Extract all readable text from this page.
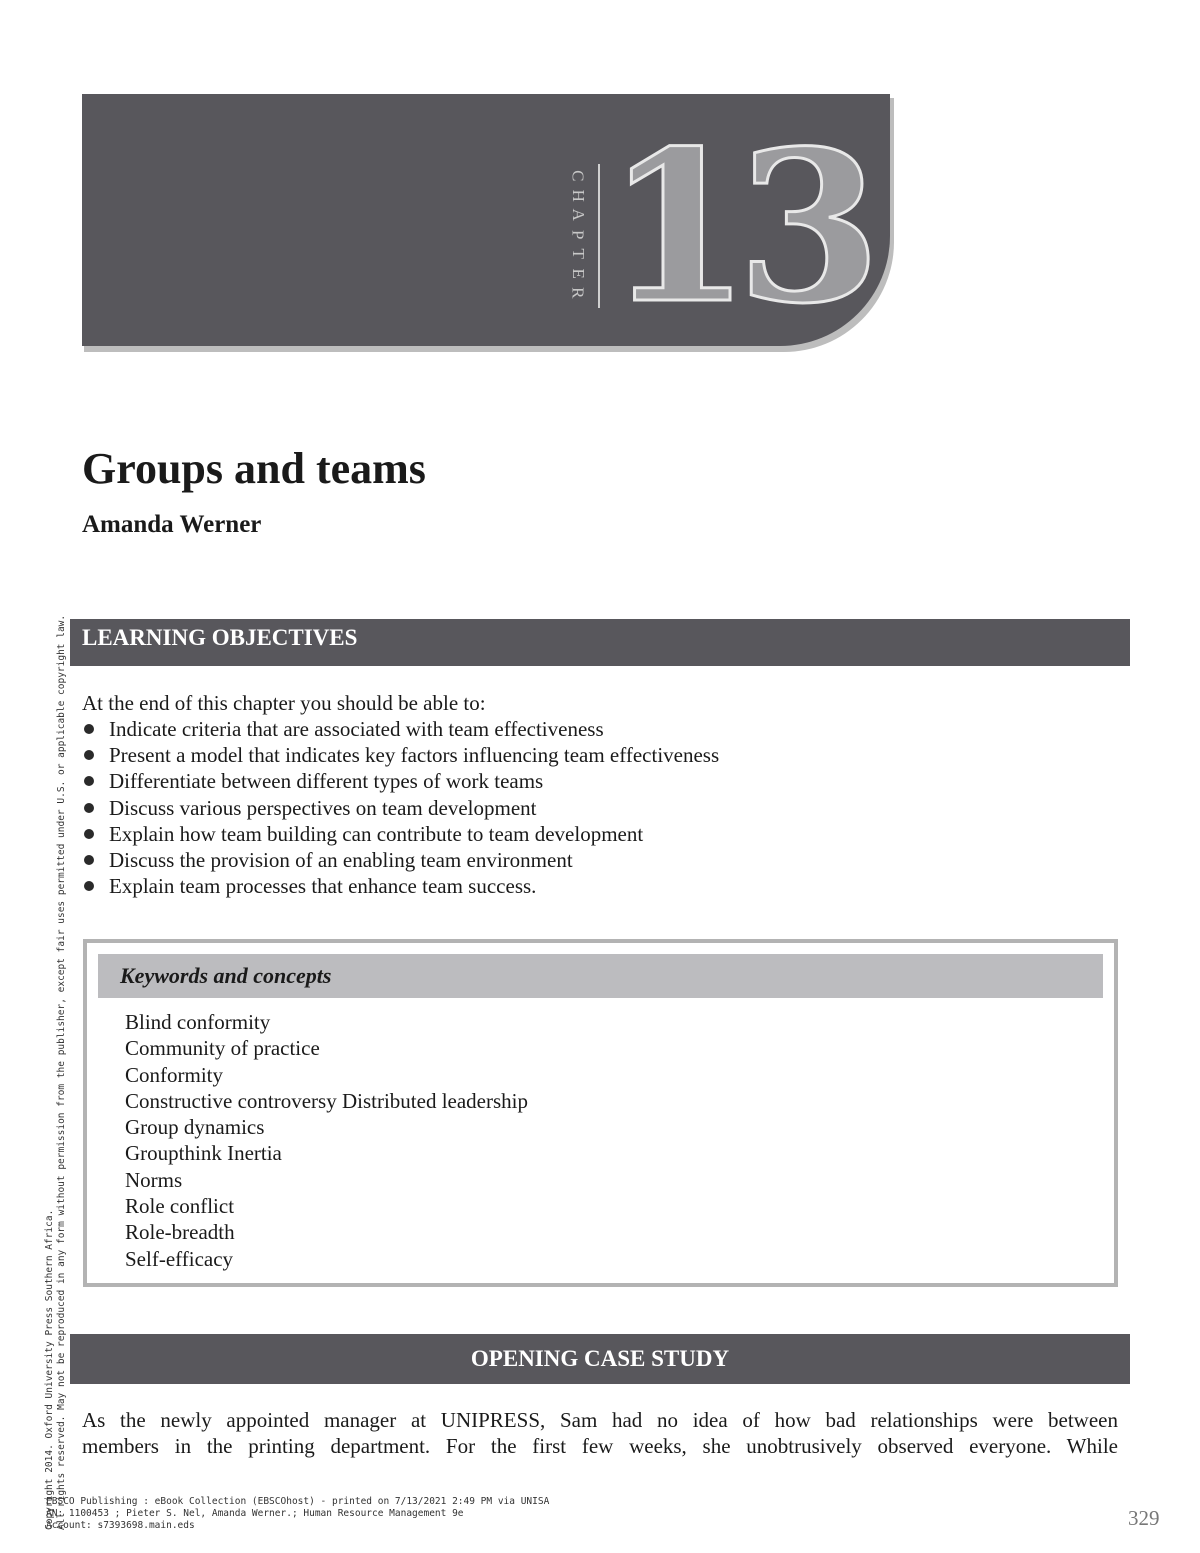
C
H
A
P
T
E
R 13
Groups and teams
Amanda Werner
LEARNING OBJECTIVES

At the end of this chapter you should be able to:

Indicate criteria that are associated with team effectiveness
Present a model that indicates key factors influencing team effectiveness
Differentiate between different types of work teams
Discuss various perspectives on team development
Explain how team building can contribute to team development
Discuss the provision of an enabling team environment
Explain team processes that enhance team success.
Keywords and concepts
Blind conformity
Community of practice
Conformity
Constructive controversy Distributed leadership
Group dynamics
Groupthink Inertia
Norms
Role conflict
Role-breadth
Self-efficacy
OPENING CASE STUDY

As the newly appointed manager at UNIPRESS, Sam had no idea of how bad relationships were between
members in the printing department. For the first few weeks, she unobtrusively observed everyone. While

EBSCO Publishing : eBook Collection (EBSCOhost) - printed on 7/13/2021 2:49 PM via UNISA
AN: 1100453 ; Pieter S. Nel, Amanda Werner.; Human Resource Management 9e
Account: s7393698.main.eds	329
Copyright 2014. Oxford University Press Southern Africa. All rights reserved. May not be reproduced in any form without permission from the publisher, except fair uses permitted under U.S. or applicable copyright law.
